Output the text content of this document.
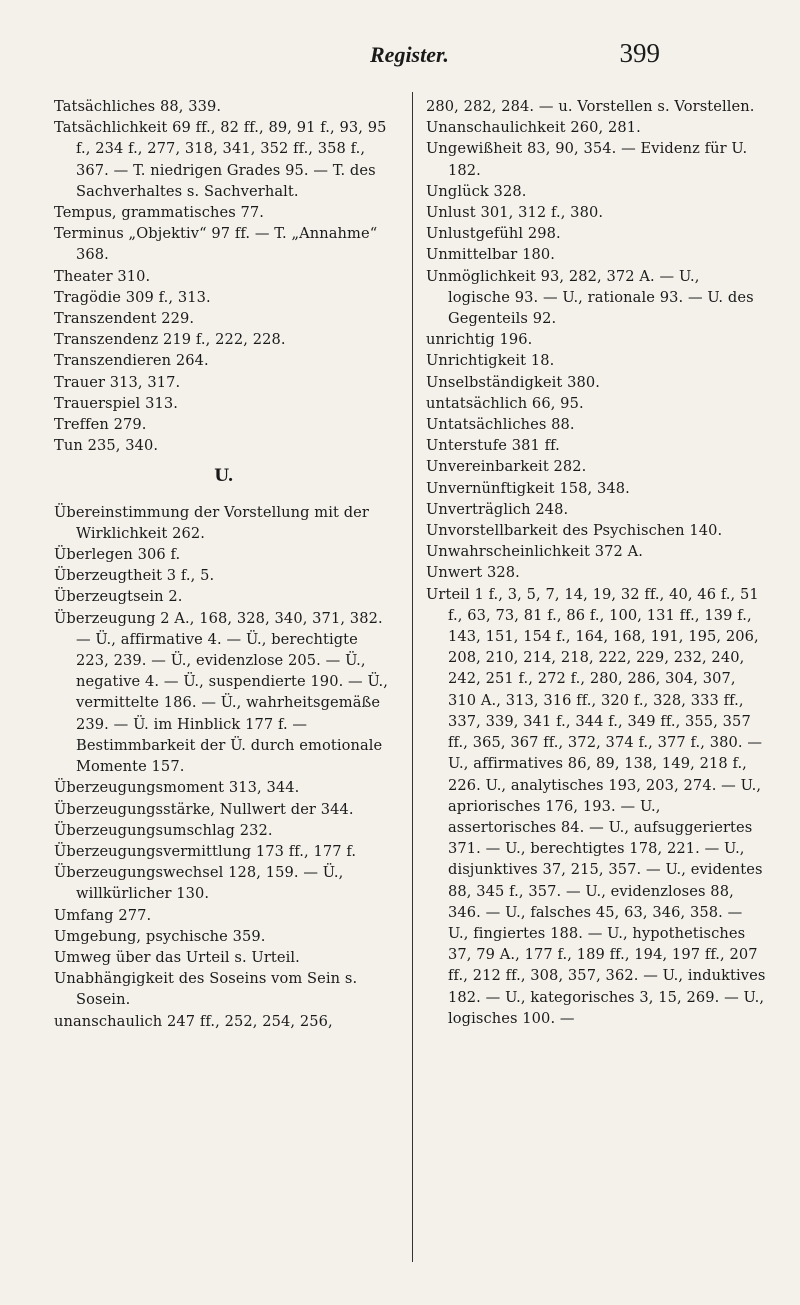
Register.	399

Tatsächliches 88, 339.

Tatsächlichkeit 69 ff., 82 ff., 89, 91 f., 93, 95 f., 234 f., 277, 318, 341, 352 ff., 358 f., 367. — T. niedrigen Grades 95. — T. des Sachverhaltes s. Sachverhalt.

Tempus, grammatisches 77.

Terminus „Objektiv“ 97 ff. — T. „Annahme“ 368.

Theater 310.

Tragödie 309 f., 313.

Transzendent 229.

Transzendenz 219 f., 222, 228.

Transzendieren 264.

Trauer 313, 317.

Trauerspiel 313.

Treffen 279.

Tun 235, 340.

U.

Übereinstimmung der Vorstellung mit der Wirklichkeit 262.

Überlegen 306 f.

Überzeugtheit 3 f., 5.

Überzeugtsein 2.

Überzeugung 2 A., 168, 328, 340, 371, 382. — Ü., affirmative 4. — Ü., berechtigte 223, 239. — Ü., evidenzlose 205. — Ü., negative 4. — Ü., suspendierte 190. — Ü., vermittelte 186. — Ü., wahrheitsgemäße 239. — Ü. im Hinblick 177 f. — Bestimmbarkeit der Ü. durch emotionale Momente 157.

Überzeugungsmoment 313, 344.

Überzeugungsstärke, Nullwert der 344.

Überzeugungsumschlag 232.

Überzeugungsvermittlung 173 ff., 177 f.

Überzeugungswechsel 128, 159. — Ü., willkürlicher 130.

Umfang 277.

Umgebung, psychische 359.

Umweg über das Urteil s. Urteil.

Unabhängigkeit des Soseins vom Sein s. Sosein.

unanschaulich 247 ff., 252, 254, 256,

280, 282, 284. — u. Vorstellen s. Vorstellen.

Unanschaulichkeit 260, 281.

Ungewißheit 83, 90, 354. — Evidenz für U. 182.

Unglück 328.

Unlust 301, 312 f., 380.

Unlustgefühl 298.

Unmittelbar 180.

Unmöglichkeit 93, 282, 372 A. — U., logische 93. — U., rationale 93. — U. des Gegenteils 92.

unrichtig 196.

Unrichtigkeit 18.

Unselbständigkeit 380.

untatsächlich 66, 95.

Untatsächliches 88.

Unterstufe 381 ff.

Unvereinbarkeit 282.

Unvernünftigkeit 158, 348.

Unverträglich 248.

Unvorstellbarkeit des Psychischen 140.

Unwahrscheinlichkeit 372 A.

Unwert 328.

Urteil 1 f., 3, 5, 7, 14, 19, 32 ff., 40, 46 f., 51 f., 63, 73, 81 f., 86 f., 100, 131 ff., 139 f., 143, 151, 154 f., 164, 168, 191, 195, 206, 208, 210, 214, 218, 222, 229, 232, 240, 242, 251 f., 272 f., 280, 286, 304, 307, 310 A., 313, 316 ff., 320 f., 328, 333 ff., 337, 339, 341 f., 344 f., 349 ff., 355, 357 ff., 365, 367 ff., 372, 374 f., 377 f., 380. — U., affirmatives 86, 89, 138, 149, 218 f., 226. U., analytisches 193, 203, 274. — U., apriorisches 176, 193. — U., assertorisches 84. — U., aufsuggeriertes 371. — U., berechtigtes 178, 221. — U., disjunktives 37, 215, 357. — U., evidentes 88, 345 f., 357. — U., evidenzloses 88, 346. — U., falsches 45, 63, 346, 358. — U., fingiertes 188. — U., hypothetisches 37, 79 A., 177 f., 189 ff., 194, 197 ff., 207 ff., 212 ff., 308, 357, 362. — U., induktives 182. — U., kategorisches 3, 15, 269. — U., logisches 100. —
